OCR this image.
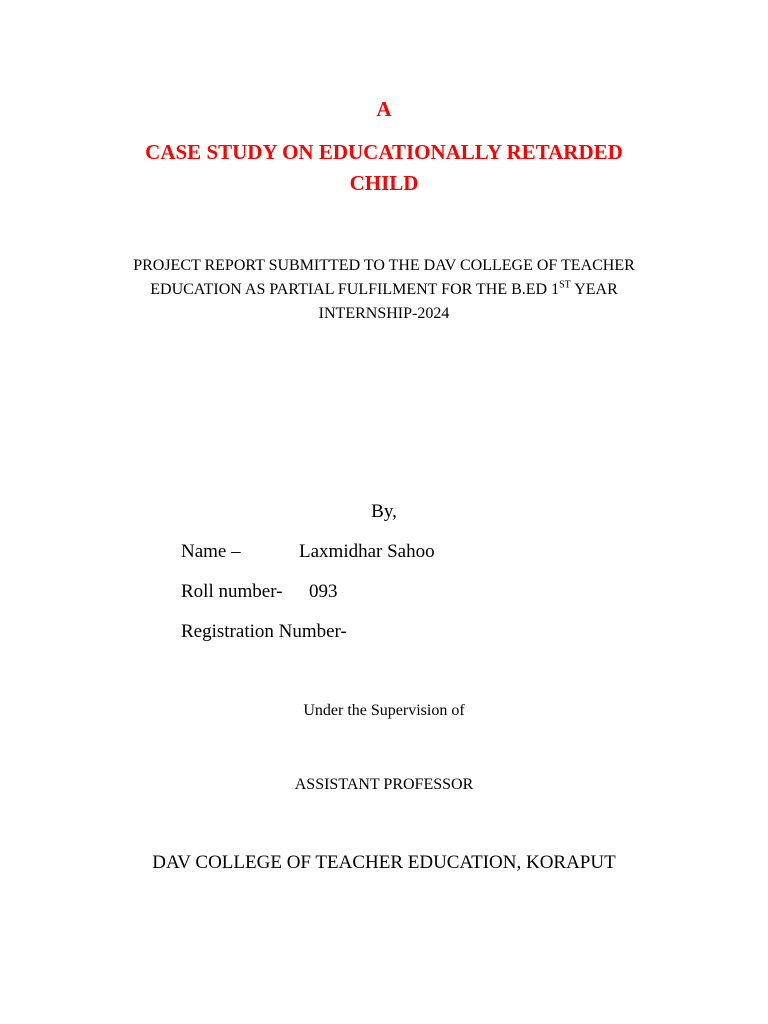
A
CASE STUDY ON EDUCATIONALLY RETARDED
CHILD
PROJECT REPORT SUBMITTED TO THE DAV COLLEGE OF TEACHER
EDUCATION AS PARTIAL FULFILMENT FOR THE B.ED 1ST YEAR
INTERNSHIP-2024
By,
Name –	Laxmidhar Sahoo
Roll number- 093
Registration Number-
Under the Supervision of
ASSISTANT PROFESSOR
DAV COLLEGE OF TEACHER EDUCATION, KORAPUT
